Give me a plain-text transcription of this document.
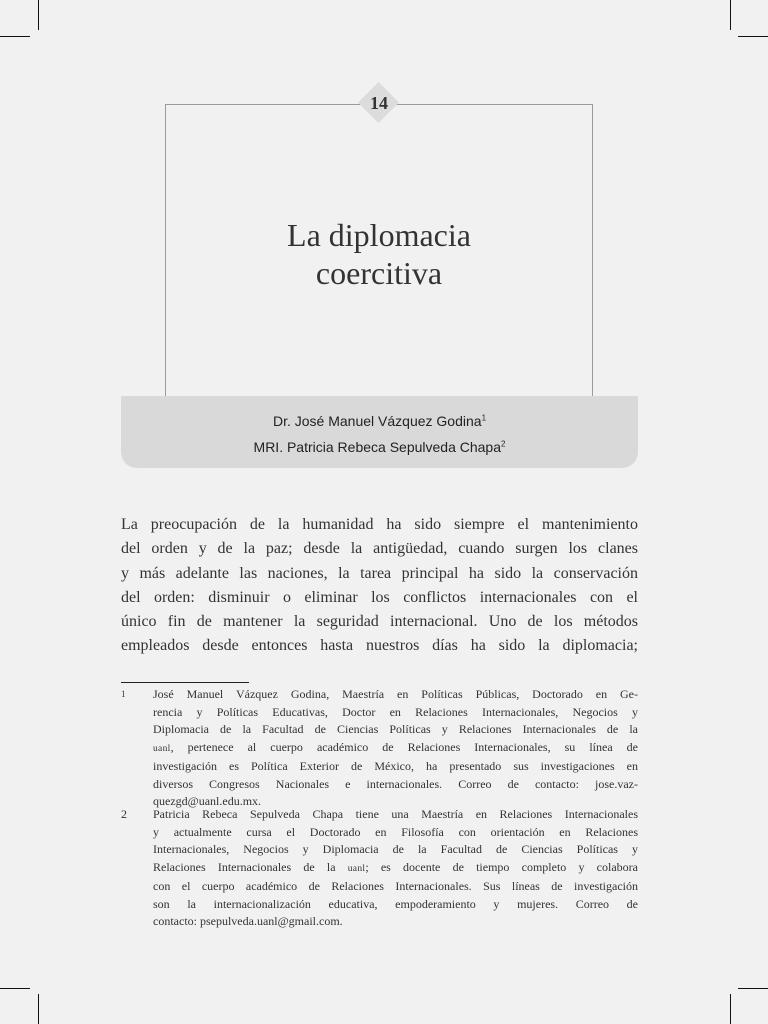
14
La diplomacia
coercitiva
Dr. José Manuel Vázquez Godina$^1$
MRI. Patricia Rebeca Sepulveda Chapa$^2$
La preocupación de la humanidad ha sido siempre el mantenimiento
del orden y de la paz; desde la antigüedad, cuando surgen los clanes
y más adelante las naciones, la tarea principal ha sido la conservación
del orden: disminuir o eliminar los conflictos internacionales con el
único fin de mantener la seguridad internacional. Uno de los métodos
empleados desde entonces hasta nuestros días ha sido la diplomacia;
1 José Manuel Vázquez Godina, Maestría en Políticas Públicas, Doctorado en Ge-
rencia y Políticas Educativas, Doctor en Relaciones Internacionales, Negocios y
Diplomacia de la Facultad de Ciencias Políticas y Relaciones Internacionales de la
uanl, pertenece al cuerpo académico de Relaciones Internacionales, su línea de
investigación es Política Exterior de México, ha presentado sus investigaciones en
diversos Congresos Nacionales e internacionales. Correo de contacto: jose.vaz-
quezgd@uanl.edu.mx.
2 Patricia Rebeca Sepulveda Chapa tiene una Maestría en Relaciones Internacionales
y actualmente cursa el Doctorado en Filosofía con orientación en Relaciones
Internacionales, Negocios y Diplomacia de la Facultad de Ciencias Políticas y
Relaciones Internacionales de la uanl; es docente de tiempo completo y colabora
con el cuerpo académico de Relaciones Internacionales. Sus líneas de investigación
son la internacionalización educativa, empoderamiento y mujeres. Correo de
contacto: psepulveda.uanl@gmail.com.
